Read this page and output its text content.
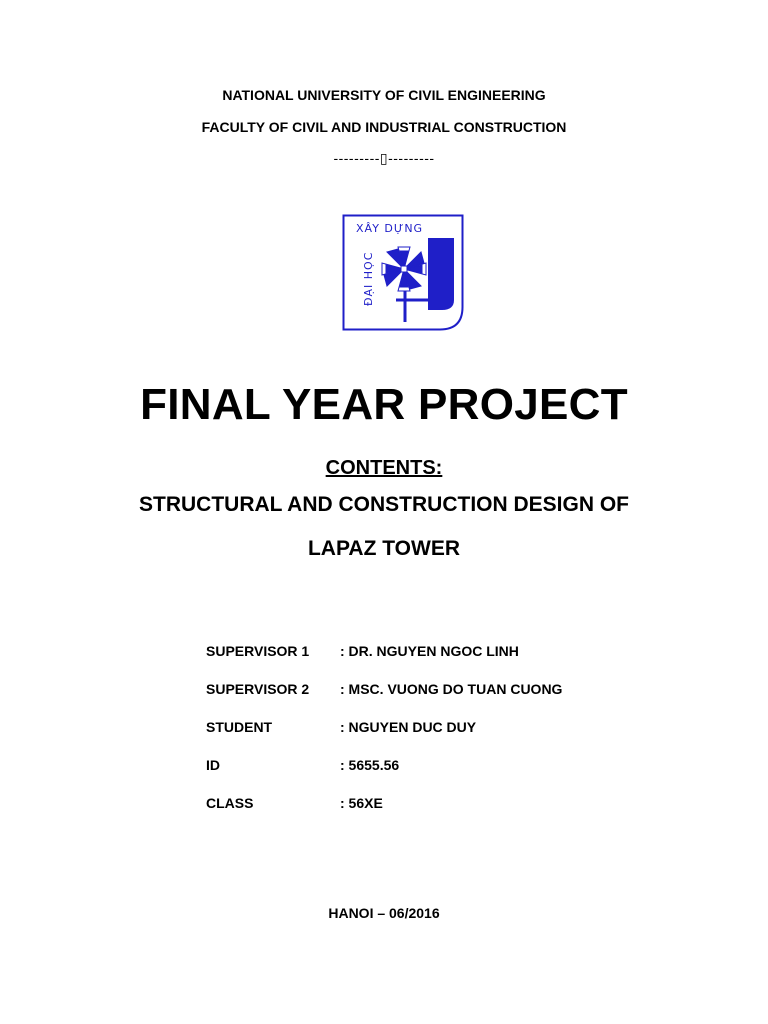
NATIONAL UNIVERSITY OF CIVIL ENGINEERING
FACULTY OF CIVIL AND INDUSTRIAL CONSTRUCTION
---------▯---------
XÂY DỰNG
ĐẠI HỌC
FINAL YEAR PROJECT
CONTENTS:
STRUCTURAL AND CONSTRUCTION DESIGN OF
LAPAZ TOWER
SUPERVISOR 1 : DR. NGUYEN NGOC LINH
SUPERVISOR 2 : MSC. VUONG DO TUAN CUONG
STUDENT	: NGUYEN DUC DUY
ID	: 5655.56
CLASS	: 56XE
HANOI – 06/2016
